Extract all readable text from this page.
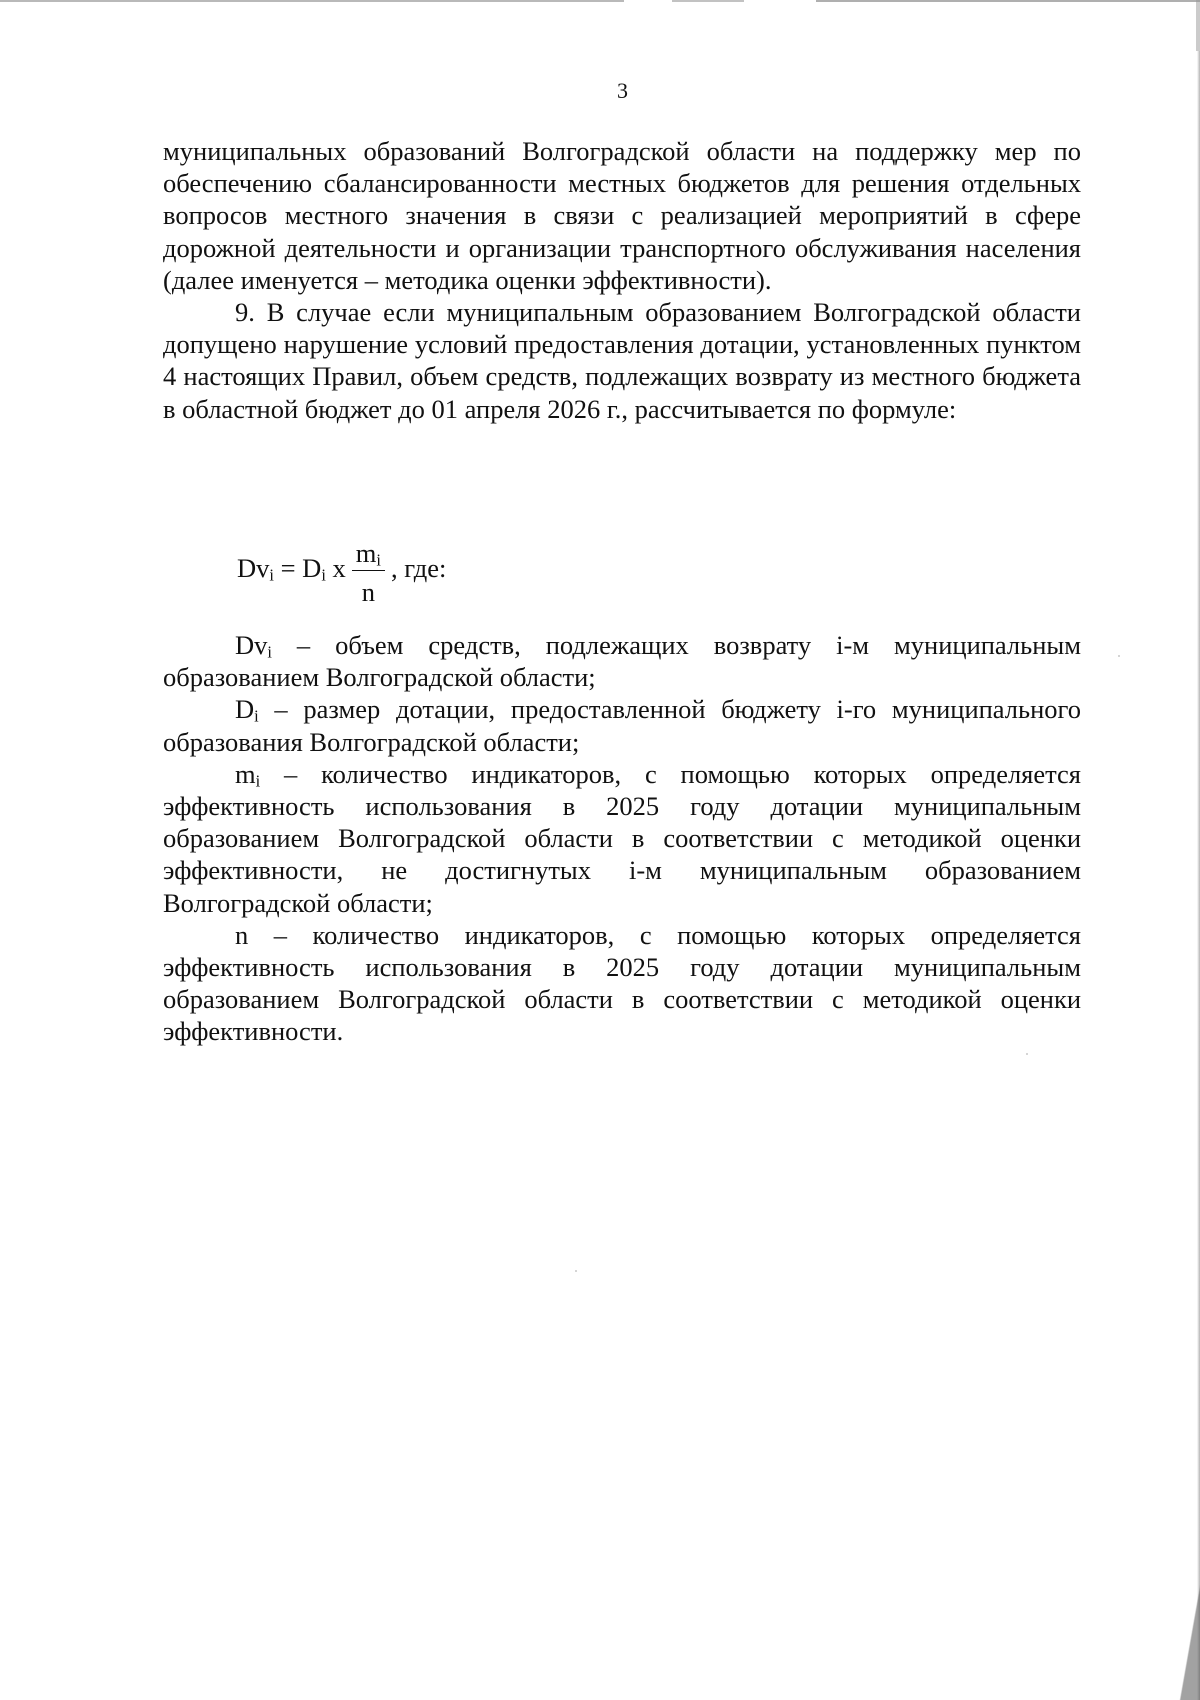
3

муниципальных образований Волгоградской области на поддержку мер по обеспечению сбалансированности местных бюджетов для решения отдельных вопросов местного значения в связи с реализацией мероприятий в сфере дорожной деятельности и организации транспортного обслуживания населения (далее именуется – методика оценки эффективности).

9. В случае если муниципальным образованием Волгоградской области допущено нарушение условий предоставления дотации, установленных пунктом 4 настоящих Правил, объем средств, подлежащих возврату из местного бюджета в областной бюджет до 01 апреля 2026 г., рассчитывается по формуле:

$Dv_i = D_i$ x $\frac{m_i}{n}$ , где:

$Dv_i$ – объем средств, подлежащих возврату i-м муниципальным образованием Волгоградской области;

$D_i$ – размер дотации, предоставленной бюджету i-го муниципального образования Волгоградской области;

$m_i$ – количество индикаторов, с помощью которых определяется эффективность использования в 2025 году дотации муниципальным образованием Волгоградской области в соответствии с методикой оценки эффективности, не достигнутых i-м муниципальным образованием Волгоградской области;

n – количество индикаторов, с помощью которых определяется эффективность использования в 2025 году дотации муниципальным образованием Волгоградской области в соответствии с методикой оценки эффективности.
